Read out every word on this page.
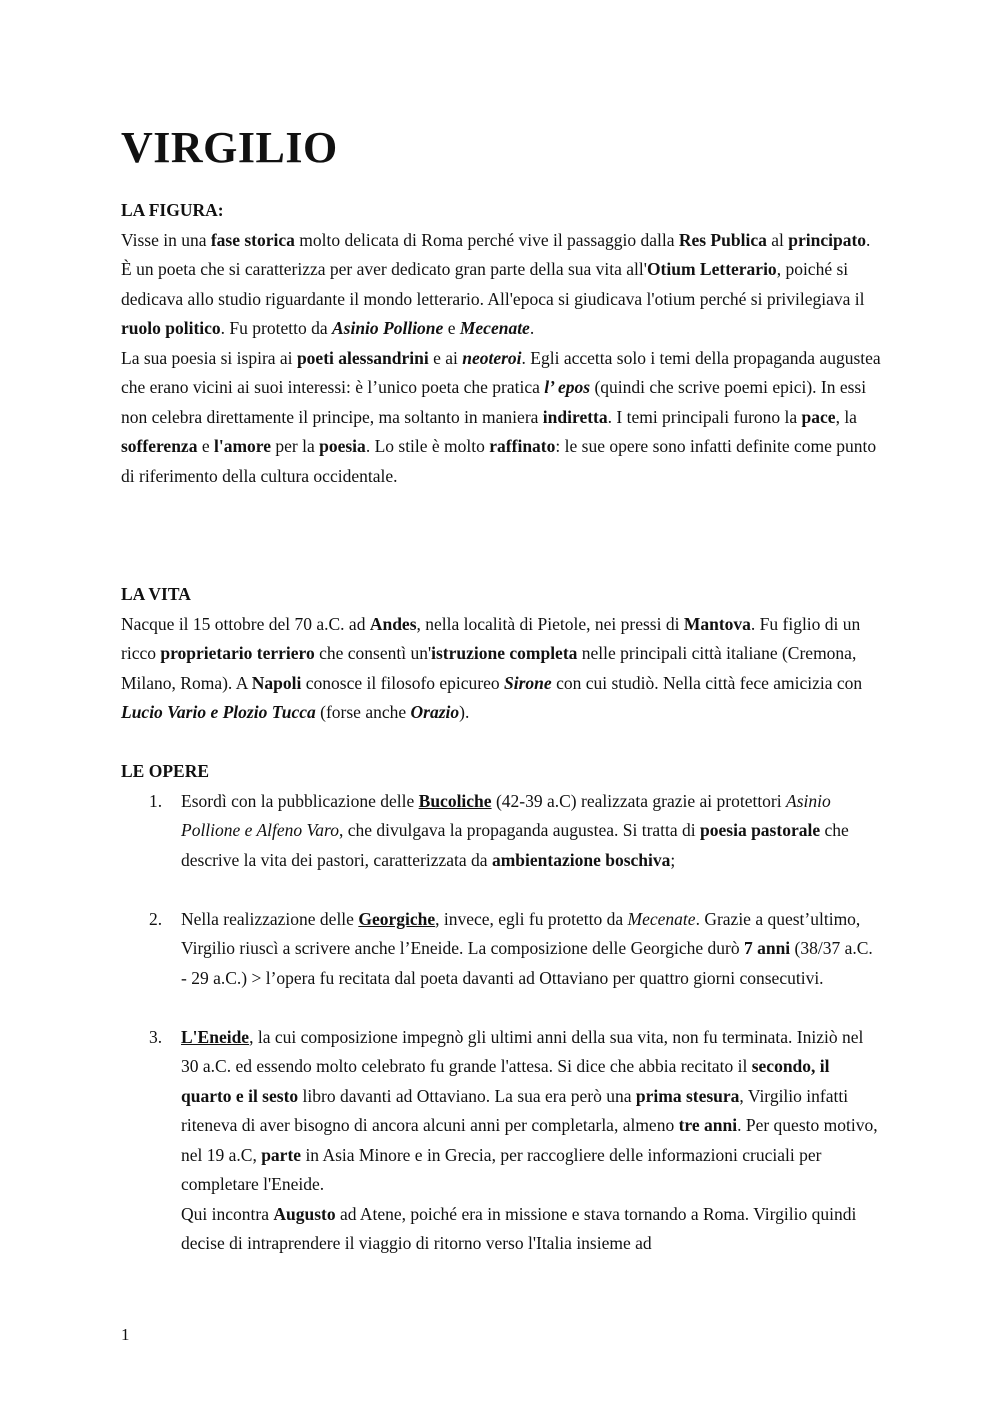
VIRGILIO

LA FIGURA:

Visse in una fase storica molto delicata di Roma perché vive il passaggio dalla Res Publica al principato. È un poeta che si caratterizza per aver dedicato gran parte della sua vita all'Otium Letterario, poiché si dedicava allo studio riguardante il mondo letterario. All'epoca si giudicava l'otium perché si privilegiava il ruolo politico. Fu protetto da Asinio Pollione e Mecenate.

La sua poesia si ispira ai poeti alessandrini e ai neoteroi. Egli accetta solo i temi della propaganda augustea che erano vicini ai suoi interessi: è l’unico poeta che pratica l’ epos (quindi che scrive poemi epici). In essi non celebra direttamente il principe, ma soltanto in maniera indiretta. I temi principali furono la pace, la sofferenza e l'amore per la poesia. Lo stile è molto raffinato: le sue opere sono infatti definite come punto di riferimento della cultura occidentale.

LA VITA

Nacque il 15 ottobre del 70 a.C. ad Andes, nella località di Pietole, nei pressi di Mantova. Fu figlio di un ricco proprietario terriero che consentì un'istruzione completa nelle principali città italiane (Cremona, Milano, Roma). A Napoli conosce il filosofo epicureo Sirone con cui studiò. Nella città fece amicizia con Lucio Vario e Plozio Tucca (forse anche Orazio).

LE OPERE

1. Esordì con la pubblicazione delle Bucoliche (42-39 a.C) realizzata grazie ai protettori Asinio Pollione e Alfeno Varo, che divulgava la propaganda augustea. Si tratta di poesia pastorale che descrive la vita dei pastori, caratterizzata da ambientazione boschiva;
2. Nella realizzazione delle Georgiche, invece, egli fu protetto da Mecenate. Grazie a quest’ultimo, Virgilio riuscì a scrivere anche l’Eneide. La composizione delle Georgiche durò 7 anni (38/37 a.C. - 29 a.C.) > l’opera fu recitata dal poeta davanti ad Ottaviano per quattro giorni consecutivi.
3. L'Eneide, la cui composizione impegnò gli ultimi anni della sua vita, non fu terminata. Iniziò nel 30 a.C. ed essendo molto celebrato fu grande l'attesa. Si dice che abbia recitato il secondo, il quarto e il sesto libro davanti ad Ottaviano. La sua era però una prima stesura, Virgilio infatti riteneva di aver bisogno di ancora alcuni anni per completarla, almeno tre anni. Per questo motivo, nel 19 a.C, parte in Asia Minore e in Grecia, per raccogliere delle informazioni cruciali per completare l'Eneide.
Qui incontra Augusto ad Atene, poiché era in missione e stava tornando a Roma. Virgilio quindi decise di intraprendere il viaggio di ritorno verso l'Italia insieme ad
1
